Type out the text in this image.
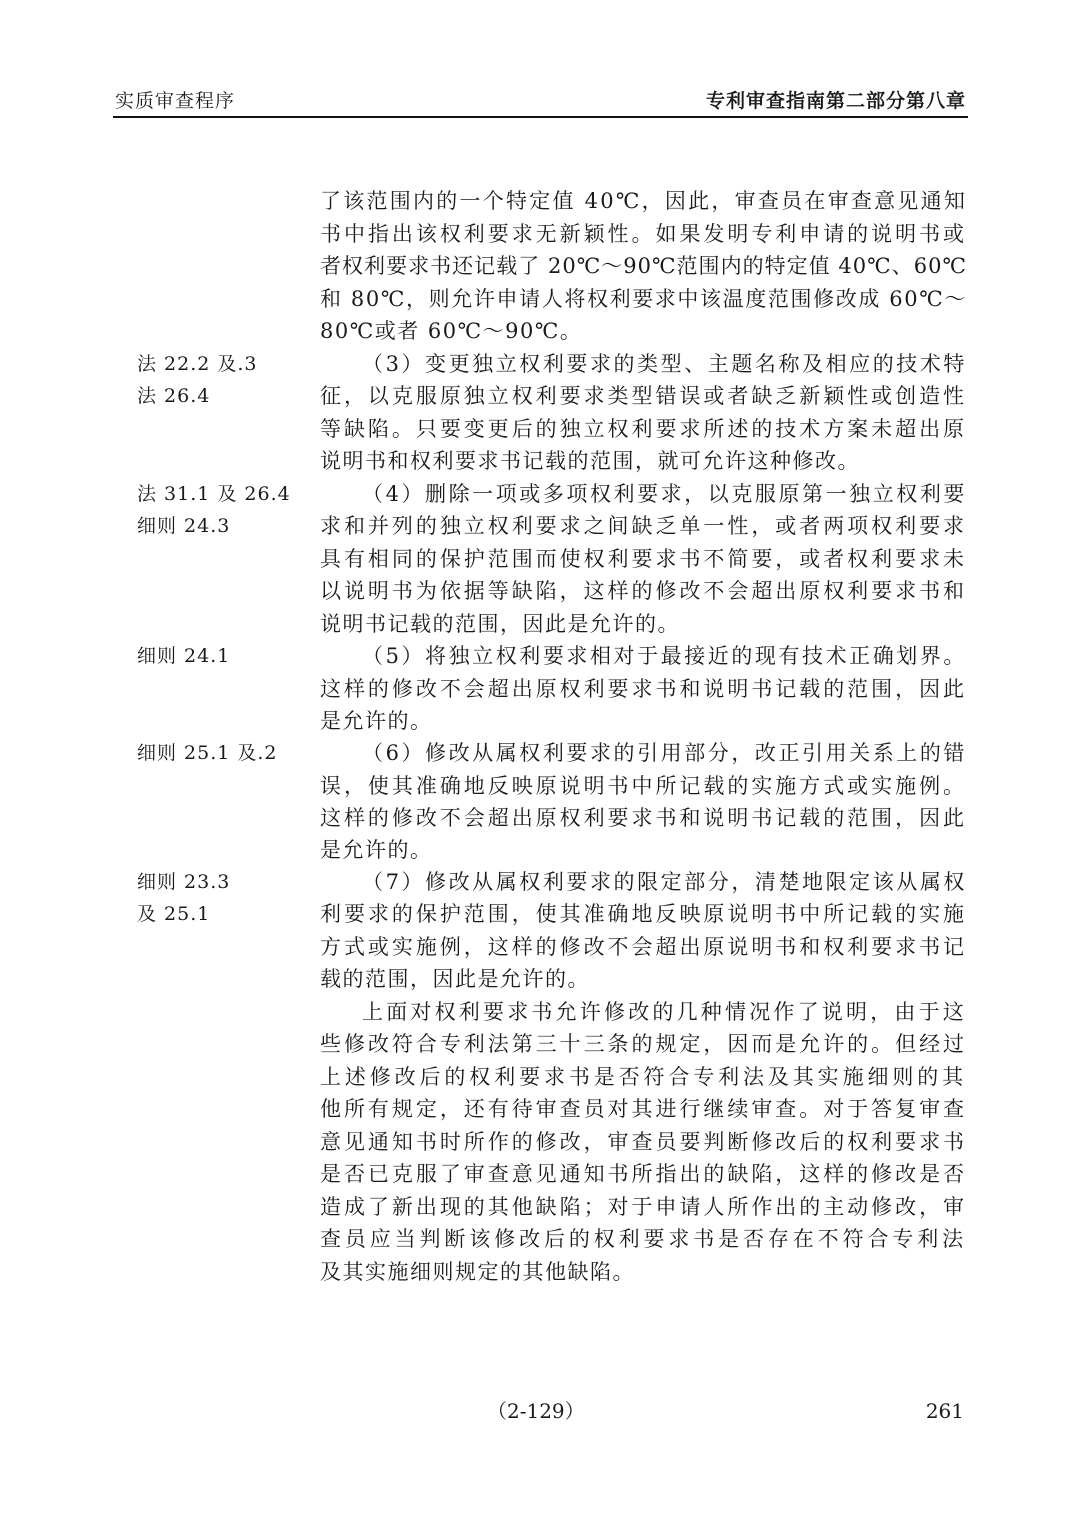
实质审查程序	专利审查指南第二部分第八章
法 22.2 及.3
法 26.4
法 31.1 及 26.4
细则 24.3
细则 24.1
细则 25.1 及.2
细则 23.3
及 25.1
了该范围内的一个特定值 40℃，因此，审查员在审查意见通知
书中指出该权利要求无新颖性。如果发明专利申请的说明书或
者权利要求书还记载了 20℃～90℃范围内的特定值 40℃、60℃
和 80℃，则允许申请人将权利要求中该温度范围修改成 60℃～
80℃或者 60℃～90℃。
（3）变更独立权利要求的类型、主题名称及相应的技术特
征，以克服原独立权利要求类型错误或者缺乏新颖性或创造性
等缺陷。只要变更后的独立权利要求所述的技术方案未超出原
说明书和权利要求书记载的范围，就可允许这种修改。
（4）删除一项或多项权利要求，以克服原第一独立权利要
求和并列的独立权利要求之间缺乏单一性，或者两项权利要求
具有相同的保护范围而使权利要求书不简要，或者权利要求未
以说明书为依据等缺陷，这样的修改不会超出原权利要求书和
说明书记载的范围，因此是允许的。
（5）将独立权利要求相对于最接近的现有技术正确划界。
这样的修改不会超出原权利要求书和说明书记载的范围，因此
是允许的。
（6）修改从属权利要求的引用部分，改正引用关系上的错
误，使其准确地反映原说明书中所记载的实施方式或实施例。
这样的修改不会超出原权利要求书和说明书记载的范围，因此
是允许的。
（7）修改从属权利要求的限定部分，清楚地限定该从属权
利要求的保护范围，使其准确地反映原说明书中所记载的实施
方式或实施例，这样的修改不会超出原说明书和权利要求书记
载的范围，因此是允许的。
上面对权利要求书允许修改的几种情况作了说明，由于这
些修改符合专利法第三十三条的规定，因而是允许的。但经过
上述修改后的权利要求书是否符合专利法及其实施细则的其
他所有规定，还有待审查员对其进行继续审查。对于答复审查
意见通知书时所作的修改，审查员要判断修改后的权利要求书
是否已克服了审查意见通知书所指出的缺陷，这样的修改是否
造成了新出现的其他缺陷；对于申请人所作出的主动修改，审
查员应当判断该修改后的权利要求书是否存在不符合专利法
及其实施细则规定的其他缺陷。
（2-129）	261
